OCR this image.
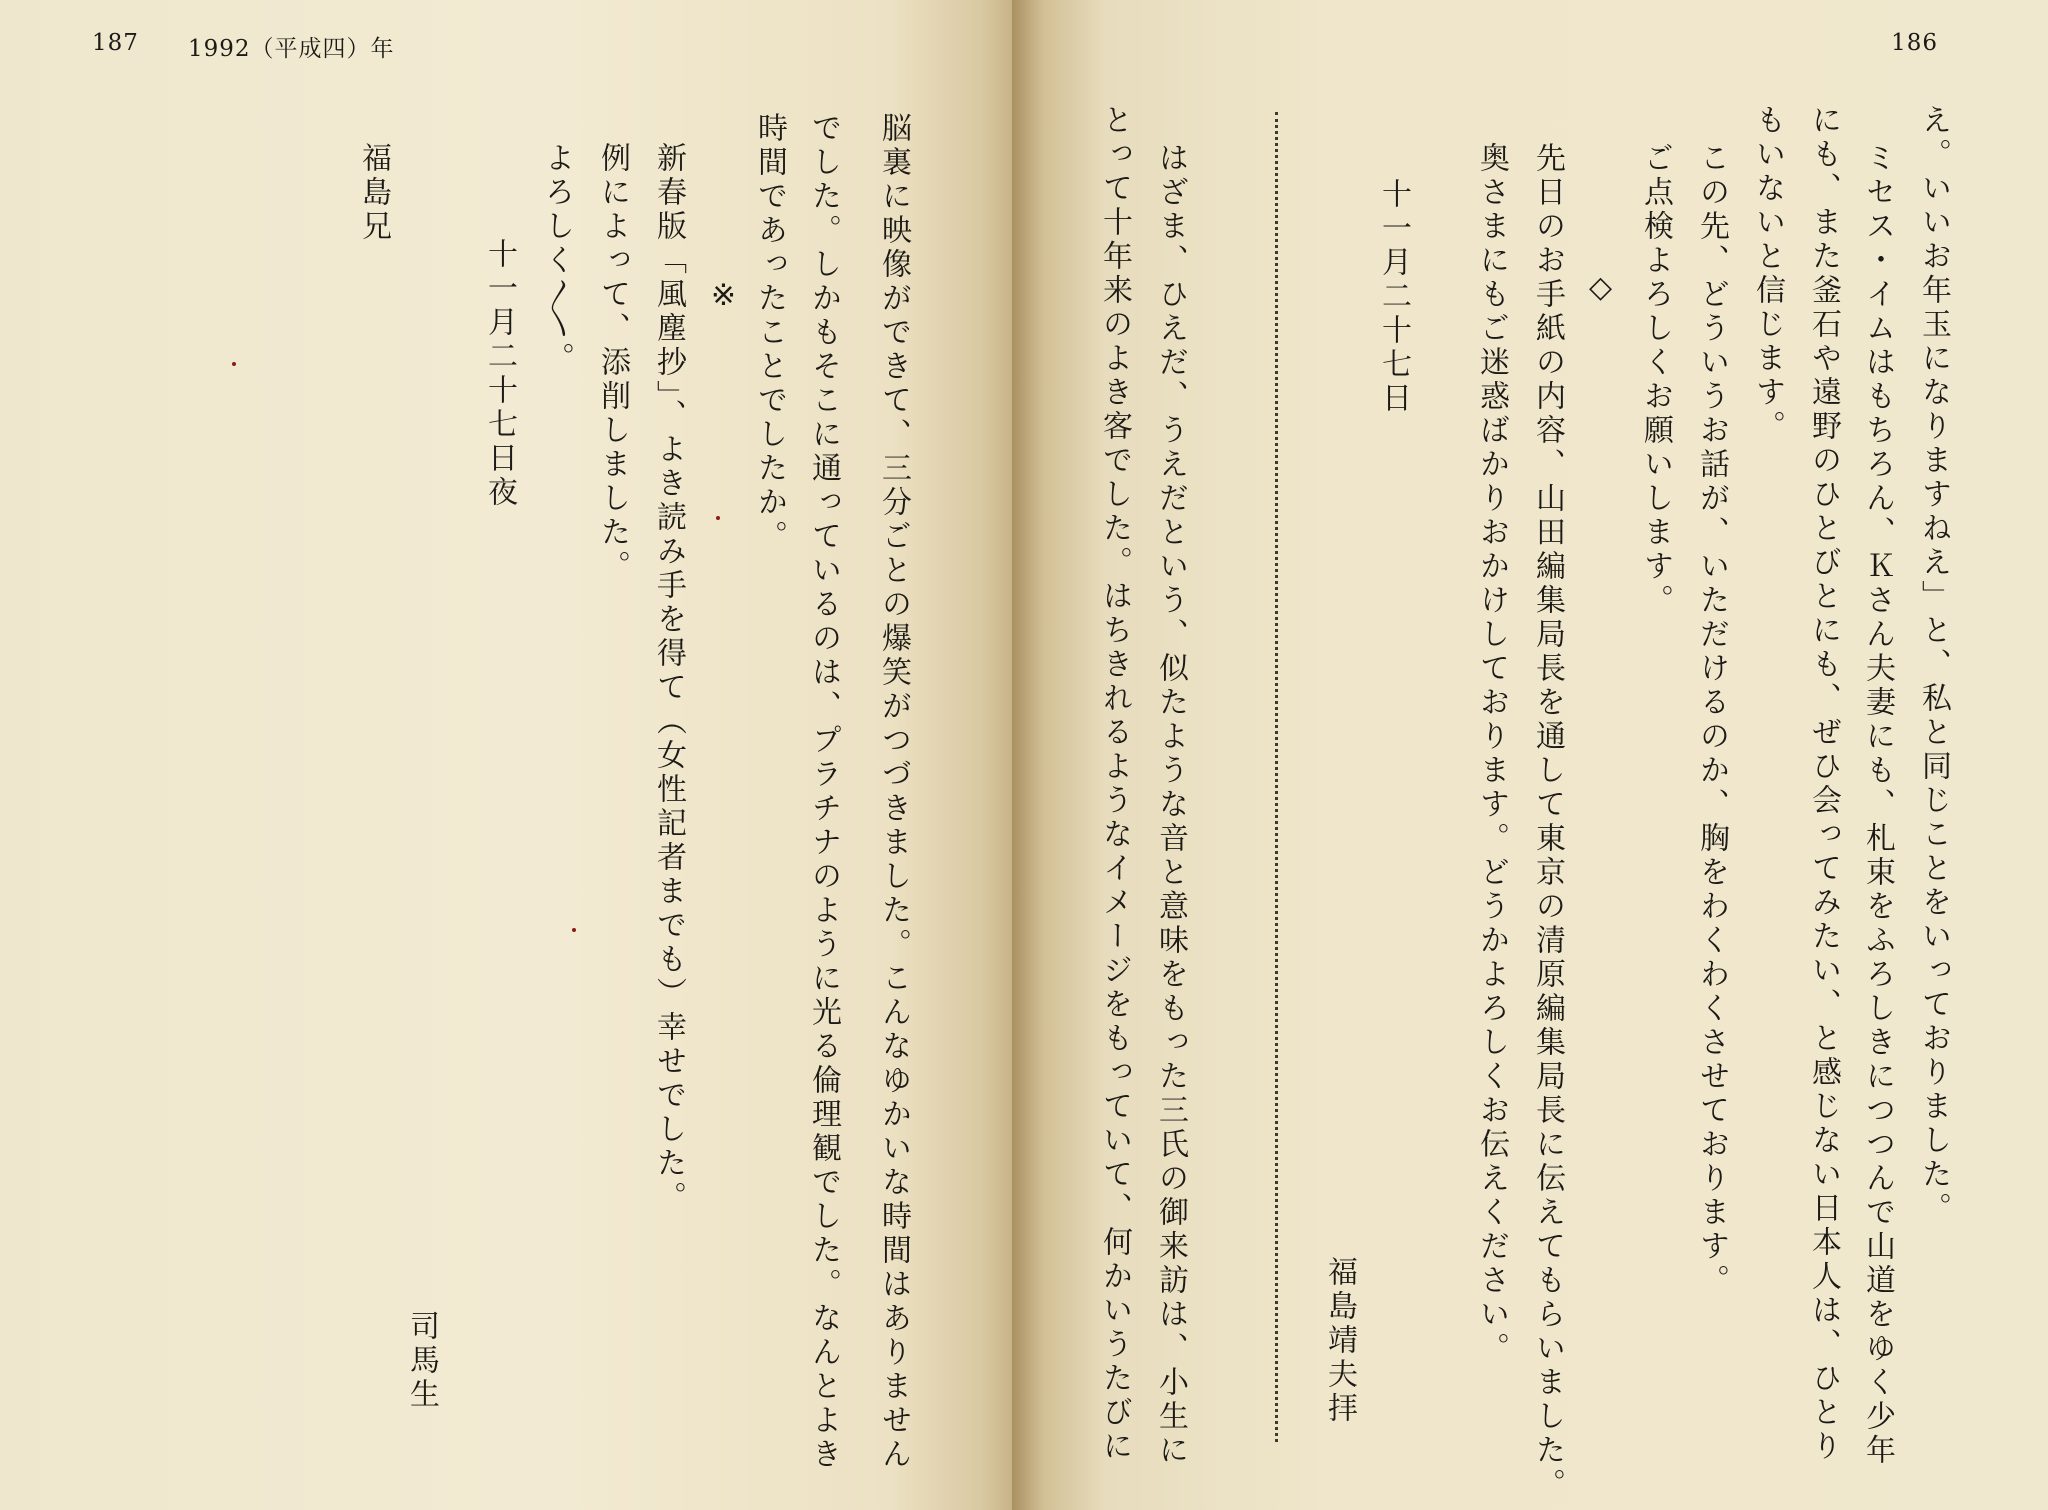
187 1992（平成四）年
脳裏に映像ができて、三分ごとの爆笑がつづきました。こんなゆかいな時間はありません
でした。しかもそこに通っているのは、プラチナのように光る倫理観でした。なんとよき
時間であったことでしたか。
※
新春版「風塵抄」、よき読み手を得て（女性記者までも）幸せでした。
例によって、添削しました。
よろしく〳〵。
十一月二十七日夜
司馬生
福島兄
186
え。いいお年玉になりますねえ」と、私と同じことをいっておりました。
ミセス・イムはもちろん、Ｋさん夫妻にも、札束をふろしきにつつんで山道をゆく少年
にも、また釜石や遠野のひとびとにも、ぜひ会ってみたい、と感じない日本人は、ひとり
もいないと信じます。
この先、どういうお話が、いただけるのか、胸をわくわくさせております。
ご点検よろしくお願いします。
◇
先日のお手紙の内容、山田編集局長を通して東京の清原編集局長に伝えてもらいました。
奥さまにもご迷惑ばかりおかけしております。どうかよろしくお伝えください。
十一月二十七日
福島靖夫拝
はざま、ひえだ、うえだという、似たような音と意味をもった三氏の御来訪は、小生に
とって十年来のよき客でした。はちきれるようなイメージをもっていて、何かいうたびに
